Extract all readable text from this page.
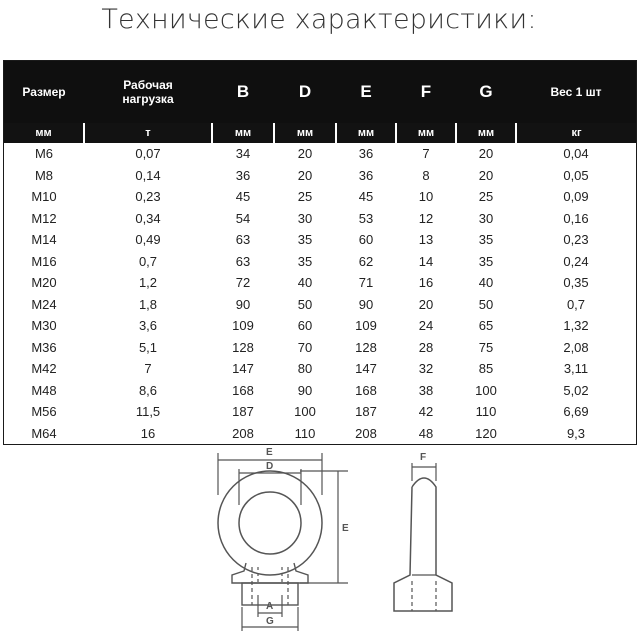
Технические характеристики:
Размер	Рабочая нагрузка	B	D	E	F	G	Вес 1 шт
мм	т	мм	мм	мм	мм	мм	кг
M6	0,07	34	20	36	7	20	0,04
M8	0,14	36	20	36	8	20	0,05
M10	0,23	45	25	45	10	25	0,09
M12	0,34	54	30	53	12	30	0,16
M14	0,49	63	35	60	13	35	0,23
M16	0,7	63	35	62	14	35	0,24
M20	1,2	72	40	71	16	40	0,35
M24	1,8	90	50	90	20	50	0,7
M30	3,6	109	60	109	24	65	1,32
M36	5,1	128	70	128	28	75	2,08
M42	7	147	80	147	32	85	3,11
M48	8,6	168	90	168	38	100	5,02
M56	11,5	187	100	187	42	110	6,69
M64	16	208	110	208	48	120	9,3
E
D
E
A
G
F
